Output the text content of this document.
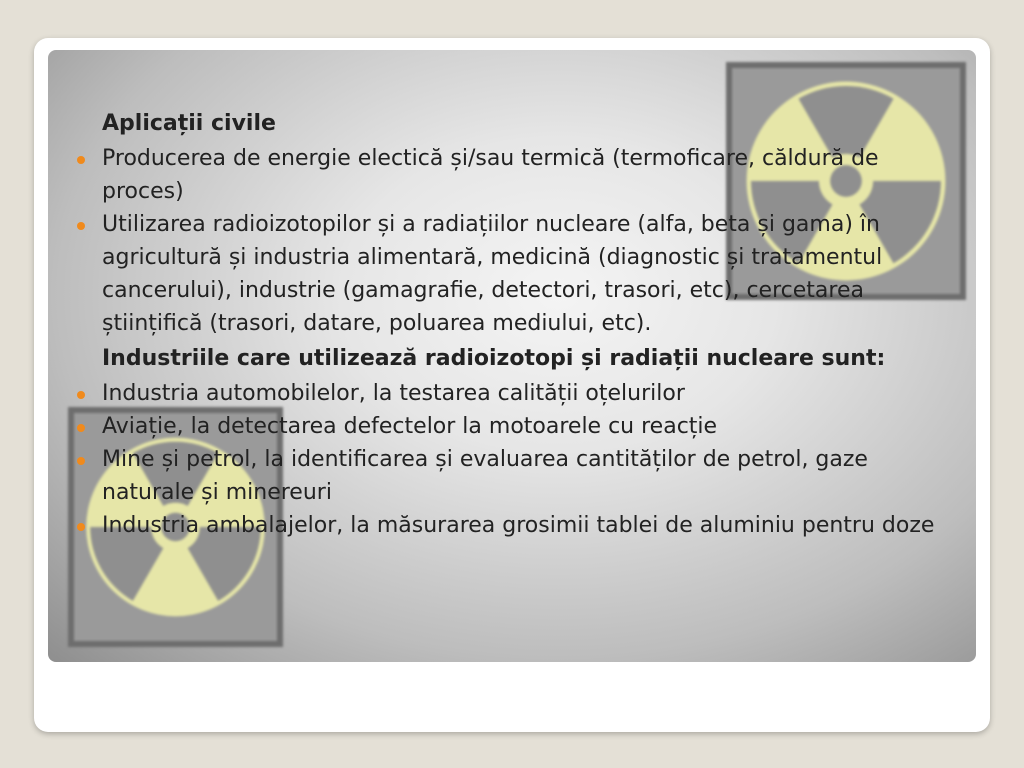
Aplicații civile
Producerea de energie electică și/sau termică (termoficare, căldură de proces)
Utilizarea radioizotopilor și a radiațiilor nucleare (alfa, beta și gama) în agricultură și industria alimentară, medicină (diagnostic și tratamentul cancerului), industrie (gamagrafie, detectori, trasori, etc), cercetarea științifică (trasori, datare, poluarea mediului, etc).
Industriile care utilizează radioizotopi și radiații nucleare sunt:
Industria automobilelor, la testarea calității oțelurilor
Aviație, la detectarea defectelor la motoarele cu reacție
Mine și petrol, la identificarea și evaluarea cantităților de petrol, gaze naturale și minereuri
Industria ambalajelor, la măsurarea grosimii tablei de aluminiu pentru doze
